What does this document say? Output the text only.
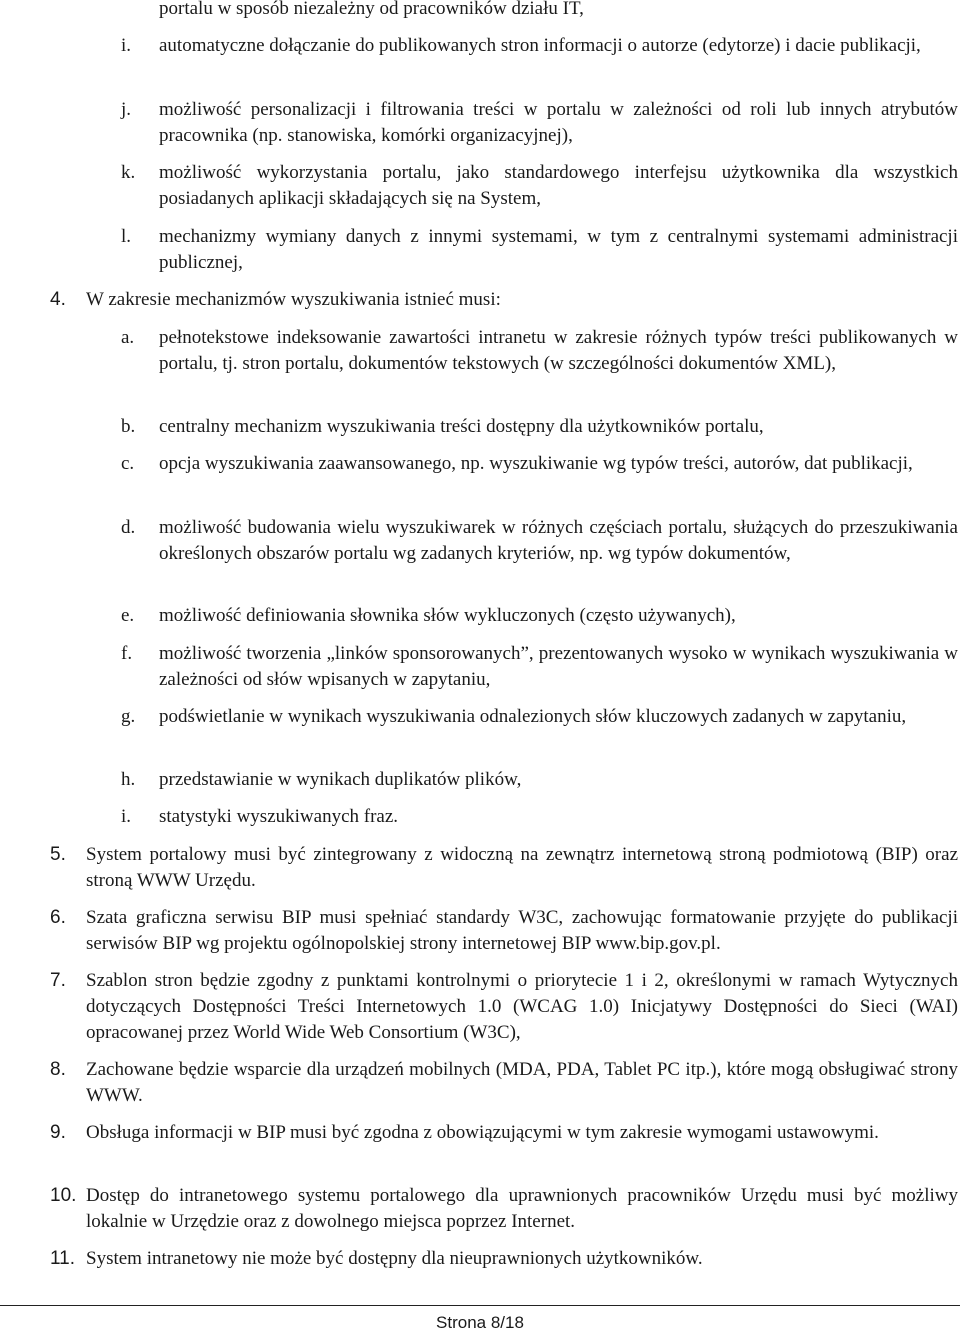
portalu w sposób niezależny od pracowników działu IT,
i. automatyczne dołączanie do publikowanych stron informacji o autorze (edytorze) i dacie publikacji,
j. możliwość personalizacji i filtrowania treści w portalu w zależności od roli lub innych atrybutów pracownika (np. stanowiska, komórki organizacyjnej),
k. możliwość wykorzystania portalu, jako standardowego interfejsu użytkownika dla wszystkich posiadanych aplikacji składających się na System,
l. mechanizmy wymiany danych z innymi systemami, w tym z centralnymi systemami administracji publicznej,
4. W zakresie mechanizmów wyszukiwania istnieć musi:
a. pełnotekstowe indeksowanie zawartości intranetu w zakresie różnych typów treści publikowanych w portalu, tj. stron portalu, dokumentów tekstowych (w szczególności dokumentów XML),
b. centralny mechanizm wyszukiwania treści dostępny dla użytkowników portalu,
c. opcja wyszukiwania zaawansowanego, np. wyszukiwanie wg typów treści, autorów, dat publikacji,
d. możliwość budowania wielu wyszukiwarek w różnych częściach portalu, służących do przeszukiwania określonych obszarów portalu wg zadanych kryteriów, np. wg typów dokumentów,
e. możliwość definiowania słownika słów wykluczonych (często używanych),
f. możliwość tworzenia „linków sponsorowanych”, prezentowanych wysoko w wynikach wyszukiwania w zależności od słów wpisanych w zapytaniu,
g. podświetlanie w wynikach wyszukiwania odnalezionych słów kluczowych zadanych w zapytaniu,
h. przedstawianie w wynikach duplikatów plików,
i. statystyki wyszukiwanych fraz.
5. System portalowy musi być zintegrowany z widoczną na zewnątrz internetową stroną podmiotową (BIP) oraz stroną WWW Urzędu.
6. Szata graficzna serwisu BIP musi spełniać standardy W3C, zachowując formatowanie przyjęte do publikacji serwisów BIP wg projektu ogólnopolskiej strony internetowej BIP www.bip.gov.pl.
7. Szablon stron będzie zgodny z punktami kontrolnymi o priorytecie 1 i 2, określonymi w ramach Wytycznych dotyczących Dostępności Treści Internetowych 1.0 (WCAG 1.0) Inicjatywy Dostępności do Sieci (WAI) opracowanej przez World Wide Web Consortium (W3C),
8. Zachowane będzie wsparcie dla urządzeń mobilnych (MDA, PDA, Tablet PC itp.), które mogą obsługiwać strony WWW.
9. Obsługa informacji w BIP musi być zgodna z obowiązującymi w tym zakresie wymogami ustawowymi.
10. Dostęp do intranetowego systemu portalowego dla uprawnionych pracowników Urzędu musi być możliwy lokalnie w Urzędzie oraz z dowolnego miejsca poprzez Internet.
11. System intranetowy nie może być dostępny dla nieuprawnionych użytkowników.
Strona 8/18
